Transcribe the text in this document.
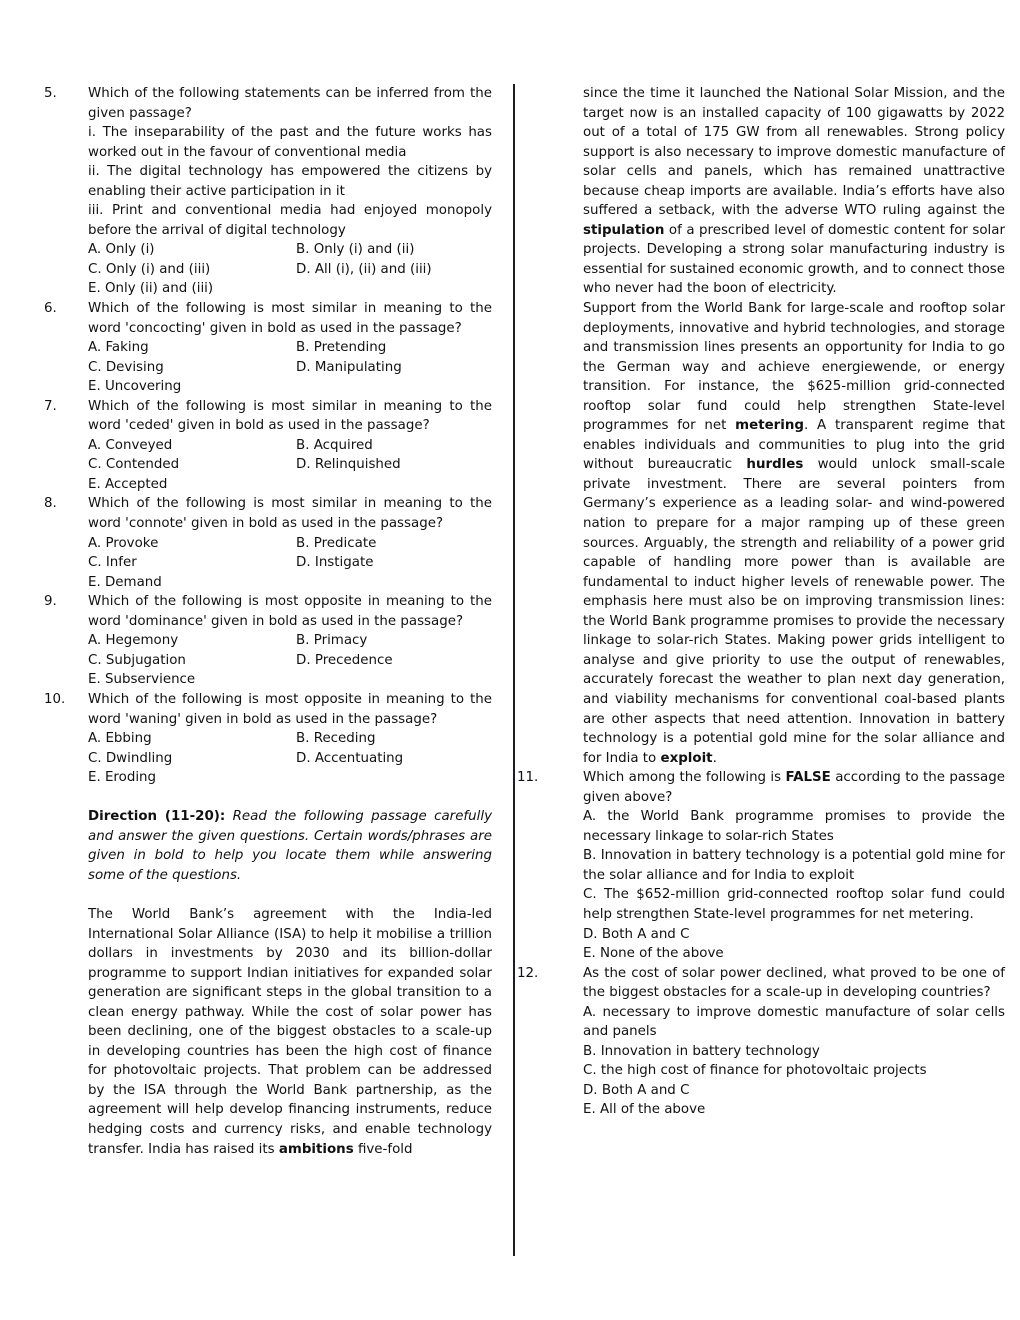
5.	Which of the following statements can be inferred from the given passage?

i. The inseparability of the past and the future works has worked out in the favour of conventional media

ii. The digital technology has empowered the citizens by enabling their active participation in it

iii. Print and conventional media had enjoyed monopoly before the arrival of digital technology

A. Only (i)	B. Only (i) and (ii)
C. Only (i) and (iii)	D. All (i), (ii) and (iii)
E. Only (ii) and (iii)
6.	Which of the following is most similar in meaning to the word 'concocting' given in bold as used in the passage?

A. Faking	B. Pretending
C. Devising	D. Manipulating
E. Uncovering
7.	Which of the following is most similar in meaning to the word 'ceded' given in bold as used in the passage?

A. Conveyed	B. Acquired
C. Contended	D. Relinquished
E. Accepted
8.	Which of the following is most similar in meaning to the word 'connote' given in bold as used in the passage?

A. Provoke	B. Predicate
C. Infer	D. Instigate
E. Demand
9.	Which of the following is most opposite in meaning to the word 'dominance' given in bold as used in the passage?

A. Hegemony	B. Primacy
C. Subjugation	D. Precedence
E. Subservience
10.	Which of the following is most opposite in meaning to the word 'waning' given in bold as used in the passage?

A. Ebbing	B. Receding
C. Dwindling	D. Accentuating
E. Eroding

Direction (11-20): Read the following passage carefully and answer the given questions. Certain words/phrases are given in bold to help you locate them while answering some of the questions.

The World Bank’s agreement with the India-led International Solar Alliance (ISA) to help it mobilise a trillion dollars in investments by 2030 and its billion-dollar programme to support Indian initiatives for expanded solar generation are significant steps in the global transition to a clean energy pathway. While the cost of solar power has been declining, one of the biggest obstacles to a scale-up in developing countries has been the high cost of finance for photovoltaic projects. That problem can be addressed by the ISA through the World Bank partnership, as the agreement will help develop financing instruments, reduce hedging costs and currency risks, and enable technology transfer. India has raised its ambitions five-fold

since the time it launched the National Solar Mission, and the target now is an installed capacity of 100 gigawatts by 2022 out of a total of 175 GW from all renewables. Strong policy support is also necessary to improve domestic manufacture of solar cells and panels, which has remained unattractive because cheap imports are available. India’s efforts have also suffered a setback, with the adverse WTO ruling against the stipulation of a prescribed level of domestic content for solar projects. Developing a strong solar manufacturing industry is essential for sustained economic growth, and to connect those who never had the boon of electricity.

Support from the World Bank for large-scale and rooftop solar deployments, innovative and hybrid technologies, and storage and transmission lines presents an opportunity for India to go the German way and achieve energiewende, or energy transition. For instance, the $625-million grid-connected rooftop solar fund could help strengthen State-level programmes for net metering. A transparent regime that enables individuals and communities to plug into the grid without bureaucratic hurdles would unlock small-scale private investment. There are several pointers from Germany’s experience as a leading solar- and wind-powered nation to prepare for a major ramping up of these green sources. Arguably, the strength and reliability of a power grid capable of handling more power than is available are fundamental to induct higher levels of renewable power. The emphasis here must also be on improving transmission lines: the World Bank programme promises to provide the necessary linkage to solar-rich States. Making power grids intelligent to analyse and give priority to use the output of renewables, accurately forecast the weather to plan next day generation, and viability mechanisms for conventional coal-based plants are other aspects that need attention. Innovation in battery technology is a potential gold mine for the solar alliance and for India to exploit.

11.	Which among the following is FALSE according to the passage given above?

A. the World Bank programme promises to provide the necessary linkage to solar-rich States

B. Innovation in battery technology is a potential gold mine for the solar alliance and for India to exploit

C. The $652-million grid-connected rooftop solar fund could help strengthen State-level programmes for net metering.

D. Both A and C

E. None of the above

12.	As the cost of solar power declined, what proved to be one of the biggest obstacles for a scale-up in developing countries?

A. necessary to improve domestic manufacture of solar cells and panels

B. Innovation in battery technology

C. the high cost of finance for photovoltaic projects

D. Both A and C

E. All of the above
